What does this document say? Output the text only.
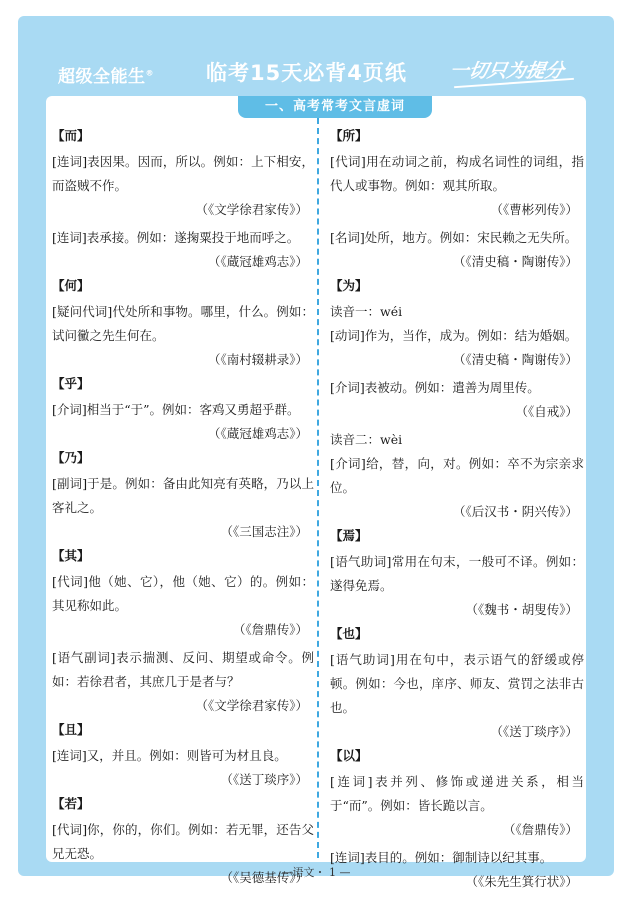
超级全能生® 临考15天必背4页纸 一切只为提分
一、高考常考文言虚词
【而】

[连词]表因果。因而，所以。例如：上下相安，而盗贼不作。

（《文学徐君家传》）

[连词]表承接。例如：遂掬粟投于地而呼之。

（《蔵冠雄鸡志》）

【何】

[疑问代词]代处所和事物。哪里，什么。例如：试问黴之先生何在。

（《南村辍耕录》）

【乎】

[介词]相当于“于”。例如：客鸡又勇超乎群。

（《蔵冠雄鸡志》）

【乃】

[副词]于是。例如：备由此知亮有英略，乃以上客礼之。

（《三国志注》）

【其】

[代词]他（她、它），他（她、它）的。例如：其见称如此。

（《詹鼎传》）

[语气副词]表示揣测、反问、期望或命令。例如：若徐君者，其庶几于是者与？

（《文学徐君家传》）

【且】

[连词]又，并且。例如：则皆可为材且良。

（《送丁琰序》）

【若】

[代词]你，你的，你们。例如：若无罪，还告父兄无恐。

（《吴德基传》）

【所】

[代词]用在动词之前，构成名词性的词组，指代人或事物。例如：观其所取。

（《曹彬列传》）

[名词]处所，地方。例如：宋民赖之无失所。

（《清史稿・陶谢传》）

【为】

读音一：wéi

[动词]作为，当作，成为。例如：结为婚姻。

（《清史稿・陶谢传》）

[介词]表被动。例如：遣善为周里传。

（《自戒》）

读音二：wèi

[介词]给，替，向，对。例如：卒不为宗亲求位。

（《后汉书・阴兴传》）

【焉】

[语气助词]常用在句末，一般可不译。例如：遂得免焉。

（《魏书・胡叟传》）

【也】

[语气助词]用在句中，表示语气的舒缓或停顿。例如：今也，庠序、师友、赏罚之法非古也。

（《送丁琰序》）

【以】

[连词]表并列、修饰或递进关系，相当于“而”。例如：皆长跪以言。

（《詹鼎传》）

[连词]表目的。例如：御制诗以纪其事。

（《朱先生箕行状》）

—语文・ 1 —
